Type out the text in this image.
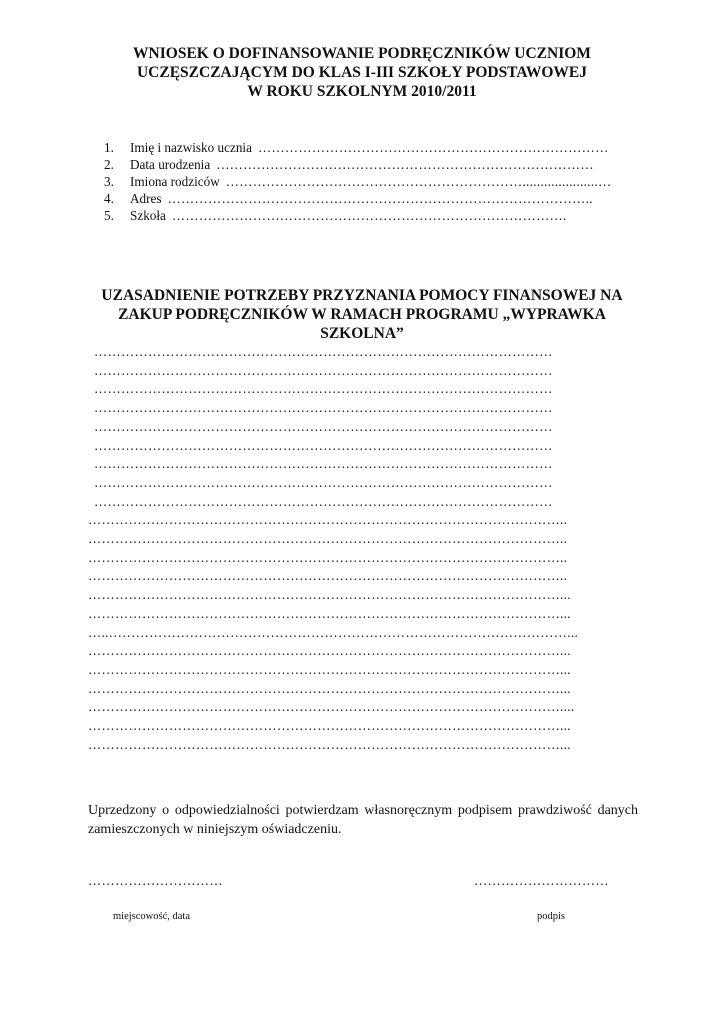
WNIOSEK O DOFINANSOWANIE PODRĘCZNIKÓW UCZNIOM
UCZĘSZCZAJĄCYM DO KLAS I-III SZKOŁY PODSTAWOWEJ
W ROKU SZKOLNYM 2010/2011
1.	Imię i nazwisko ucznia ……………………………………………………………………
2.	Data urodzenia …………………………………………………………………………
3.	Imiona rodziców ………………………………………………………….....................…
4.	Adres …………………………………………………………………………………..
5.	Szkoła …………………………………………………………………………….
UZASADNIENIE POTRZEBY PRZYZNANIA POMOCY FINANSOWEJ NA
ZAKUP PODRĘCZNIKÓW W RAMACH PROGRAMU „WYPRAWKA
SZKOLNA”
…………………………………………………………………………………………
…………………………………………………………………………………………
…………………………………………………………………………………………
…………………………………………………………………………………………
…………………………………………………………………………………………
…………………………………………………………………………………………
…………………………………………………………………………………………
…………………………………………………………………………………………
…………………………………………………………………………………………
……………………………………………………………………………………………..
……………………………………………………………………………………………..
……………………………………………………………………………………………..
……………………………………………………………………………………………..
……………………………………………………………………………………………...
……………………………………………………………………………………………...
…..…………………………………………………………………………………………...
……………………………………………………………………………………………...
……………………………………………………………………………………………...
……………………………………………………………………………………………...
……………………………………………………………………………………………....
……………………………………………………………………………………………...
……………………………………………………………………………………………...
Uprzedzony o odpowiedzialności potwierdzam własnoręcznym podpisem prawdziwość danych zamieszczonych w niniejszym oświadczeniu.
…………………………	…………………………
miejscowość, data	podpis
